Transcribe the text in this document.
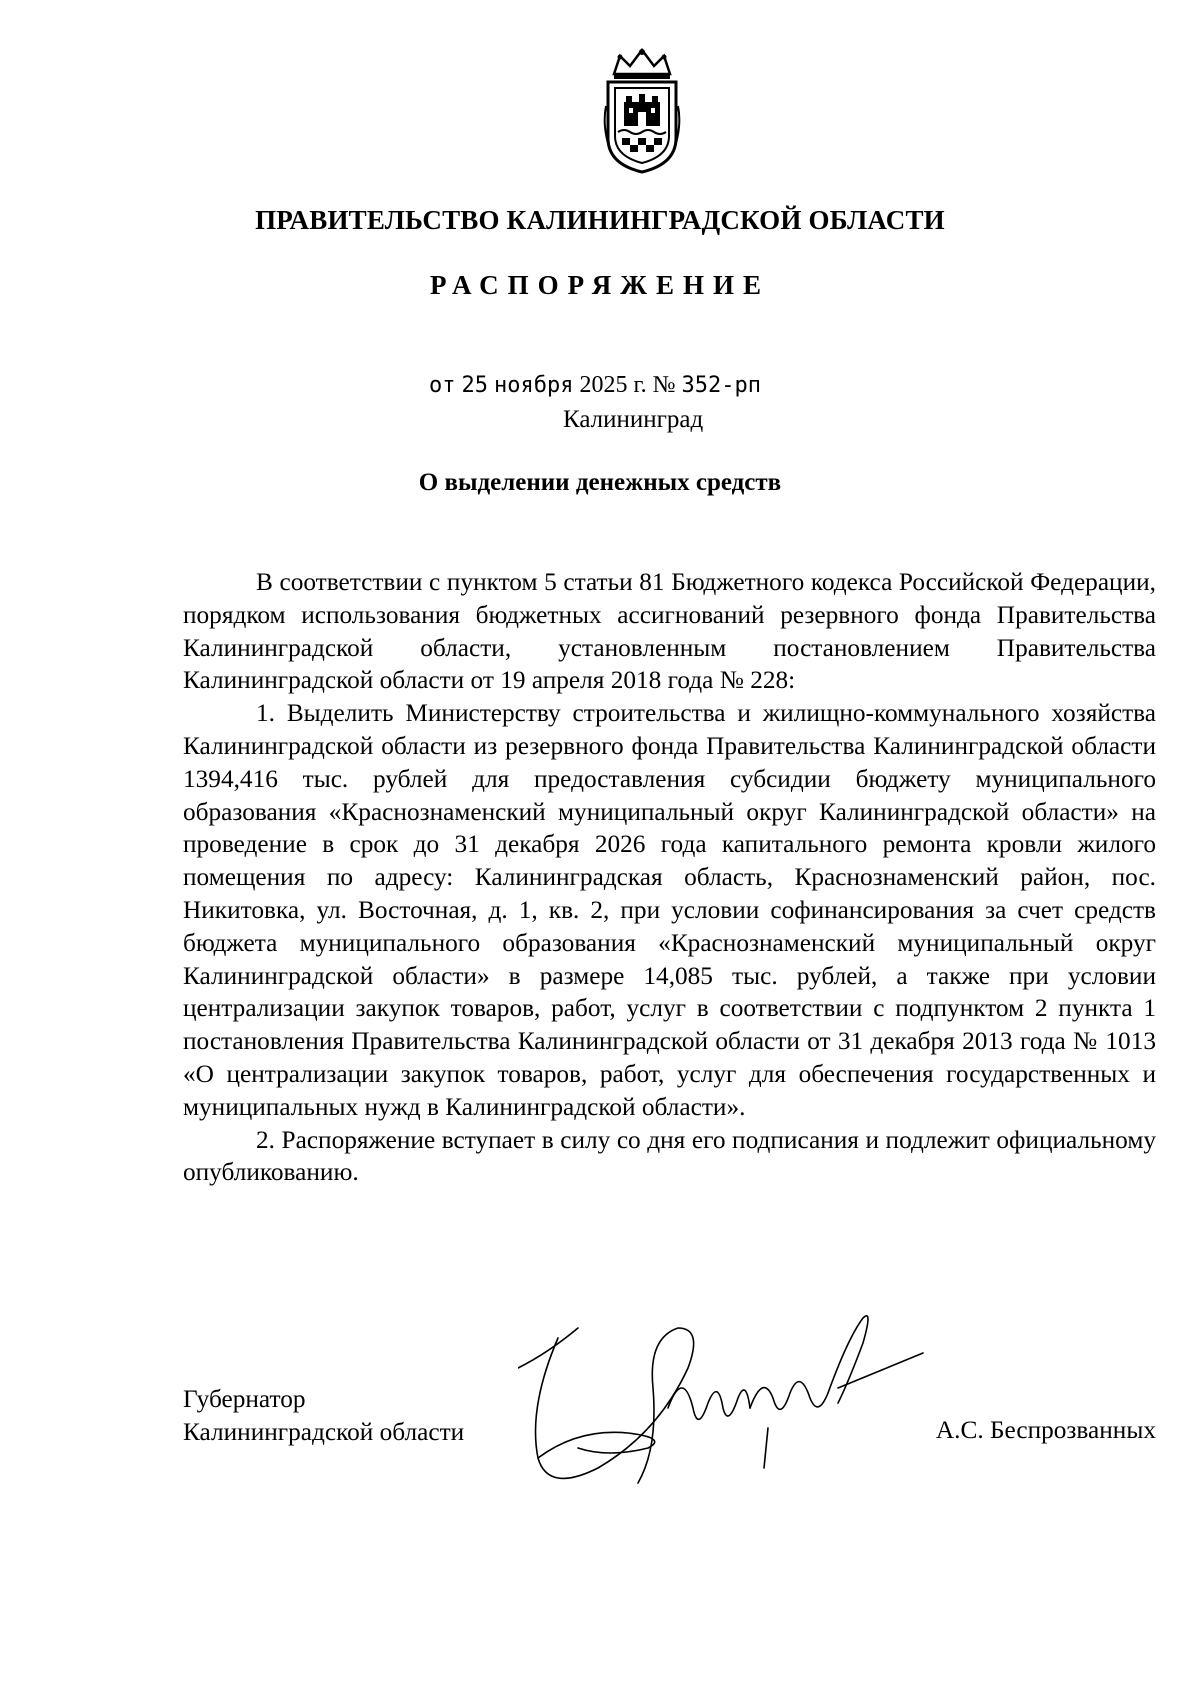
ПРАВИТЕЛЬСТВО КАЛИНИНГРАДСКОЙ ОБЛАСТИ
РАСПОРЯЖЕНИЕ
от 25 ноября 2025 г. № 352-рп
Калининград
О выделении денежных средств

В соответствии с пунктом 5 статьи 81 Бюджетного кодекса Российской Федерации, порядком использования бюджетных ассигнований резервного фонда Правительства Калининградской области, установленным постановлением Правительства Калининградской области от 19 апреля 2018 года № 228:

1. Выделить Министерству строительства и жилищно-коммунального хозяйства Калининградской области из резервного фонда Правительства Калининградской области 1394,416 тыс. рублей для предоставления субсидии бюджету муниципального образования «Краснознаменский муниципальный округ Калининградской области» на проведение в срок до 31 декабря 2026 года капитального ремонта кровли жилого помещения по адресу: Калининградская область, Краснознаменский район, пос. Никитовка, ул. Восточная, д. 1, кв. 2, при условии софинансирования за счет средств бюджета муниципального образования «Краснознаменский муниципальный округ Калининградской области» в размере 14,085 тыс. рублей, а также при условии централизации закупок товаров, работ, услуг в соответствии с подпунктом 2 пункта 1 постановления Правительства Калининградской области от 31 декабря 2013 года № 1013 «О централизации закупок товаров, работ, услуг для обеспечения государственных и муниципальных нужд в Калининградской области».

2. Распоряжение вступает в силу со дня его подписания и подлежит официальному опубликованию.

Губернатор
Калининградской области	А.С. Беспрозванных
